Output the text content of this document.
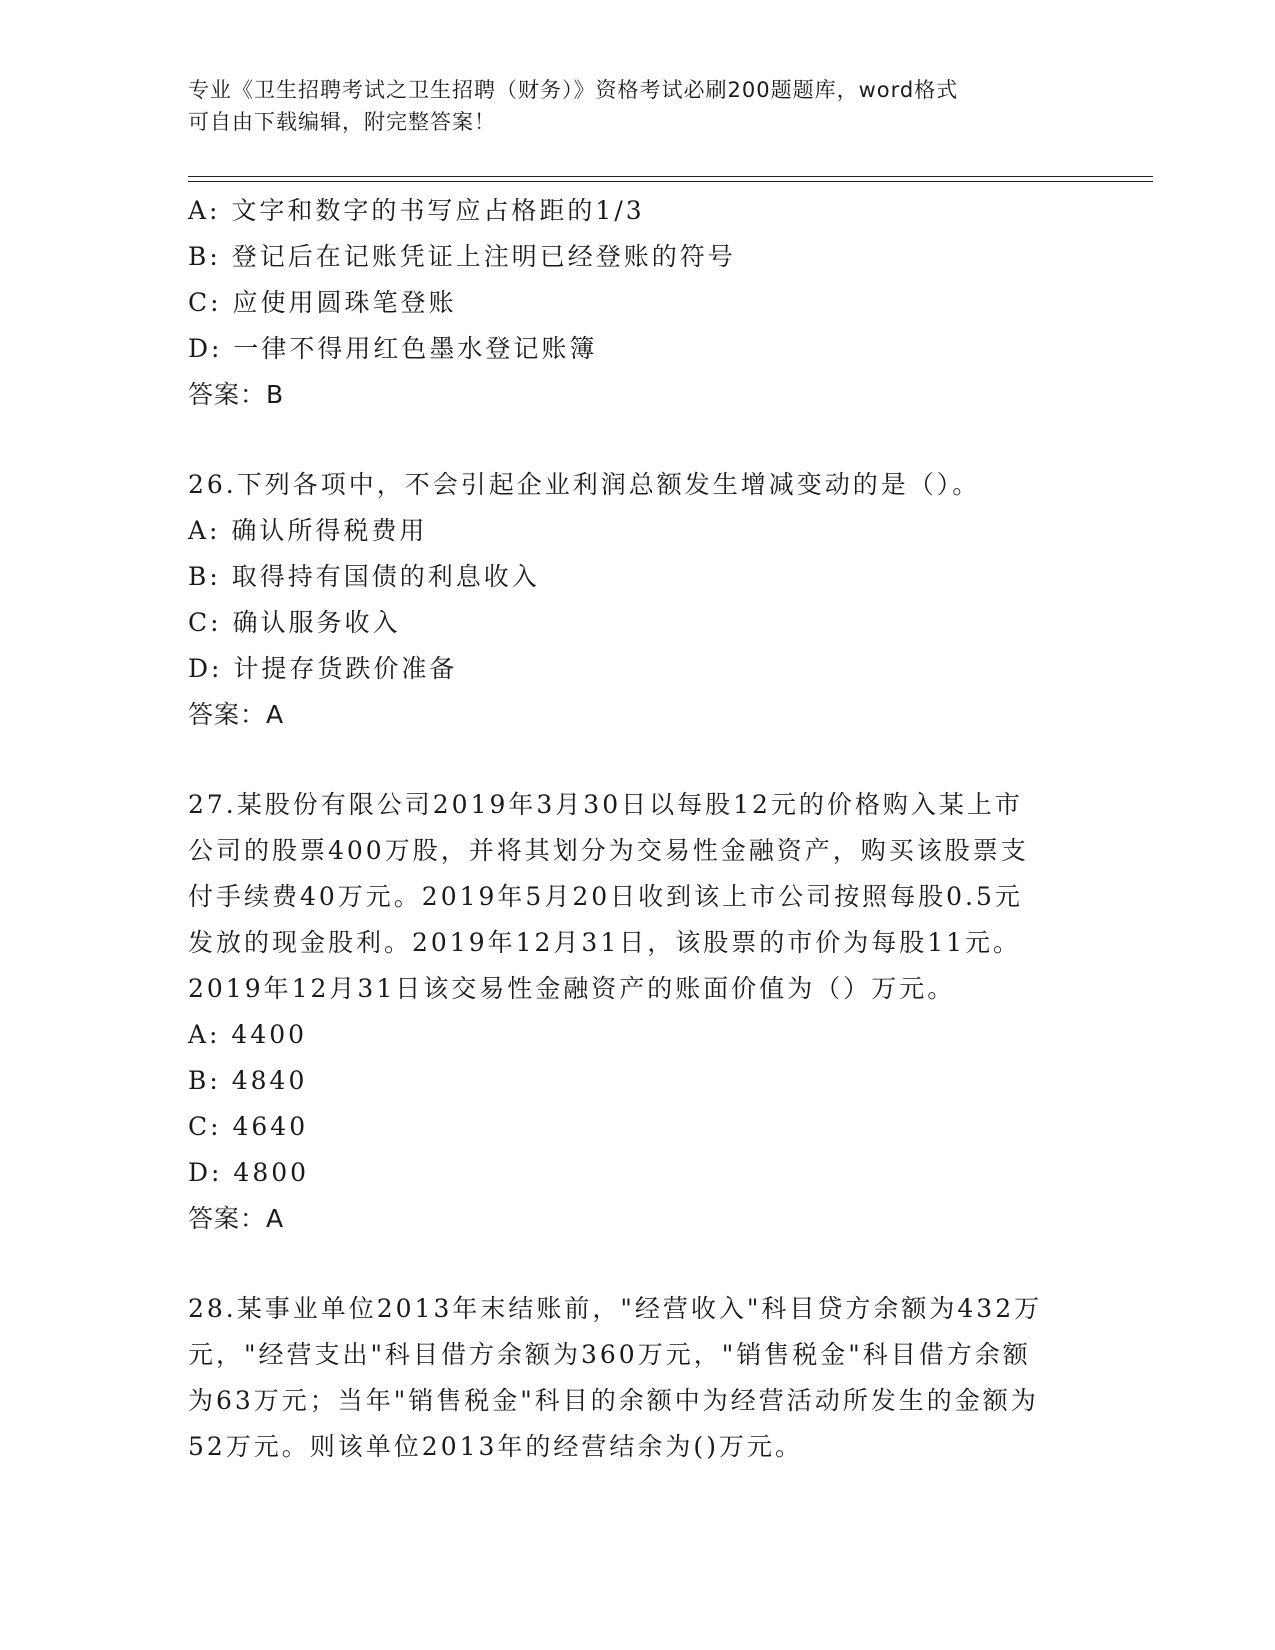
专业《卫生招聘考试之卫生招聘（财务）》资格考试必刷200题题库，word格式
可自由下载编辑，附完整答案！
A: 文字和数字的书写应占格距的1/3
B: 登记后在记账凭证上注明已经登账的符号
C: 应使用圆珠笔登账
D: 一律不得用红色墨水登记账簿
答案：B
26.下列各项中，不会引起企业利润总额发生增减变动的是（）。
A: 确认所得税费用
B: 取得持有国债的利息收入
C: 确认服务收入
D: 计提存货跌价准备
答案：A
27.某股份有限公司2019年3月30日以每股12元的价格购入某上市
公司的股票400万股，并将其划分为交易性金融资产，购买该股票支
付手续费40万元。2019年5月20日收到该上市公司按照每股0.5元
发放的现金股利。2019年12月31日，该股票的市价为每股11元。
2019年12月31日该交易性金融资产的账面价值为（）万元。
A: 4400
B: 4840
C: 4640
D: 4800
答案：A
28.某事业单位2013年末结账前，"经营收入"科目贷方余额为432万
元，"经营支出"科目借方余额为360万元，"销售税金"科目借方余额
为63万元；当年"销售税金"科目的余额中为经营活动所发生的金额为
52万元。则该单位2013年的经营结余为()万元。
